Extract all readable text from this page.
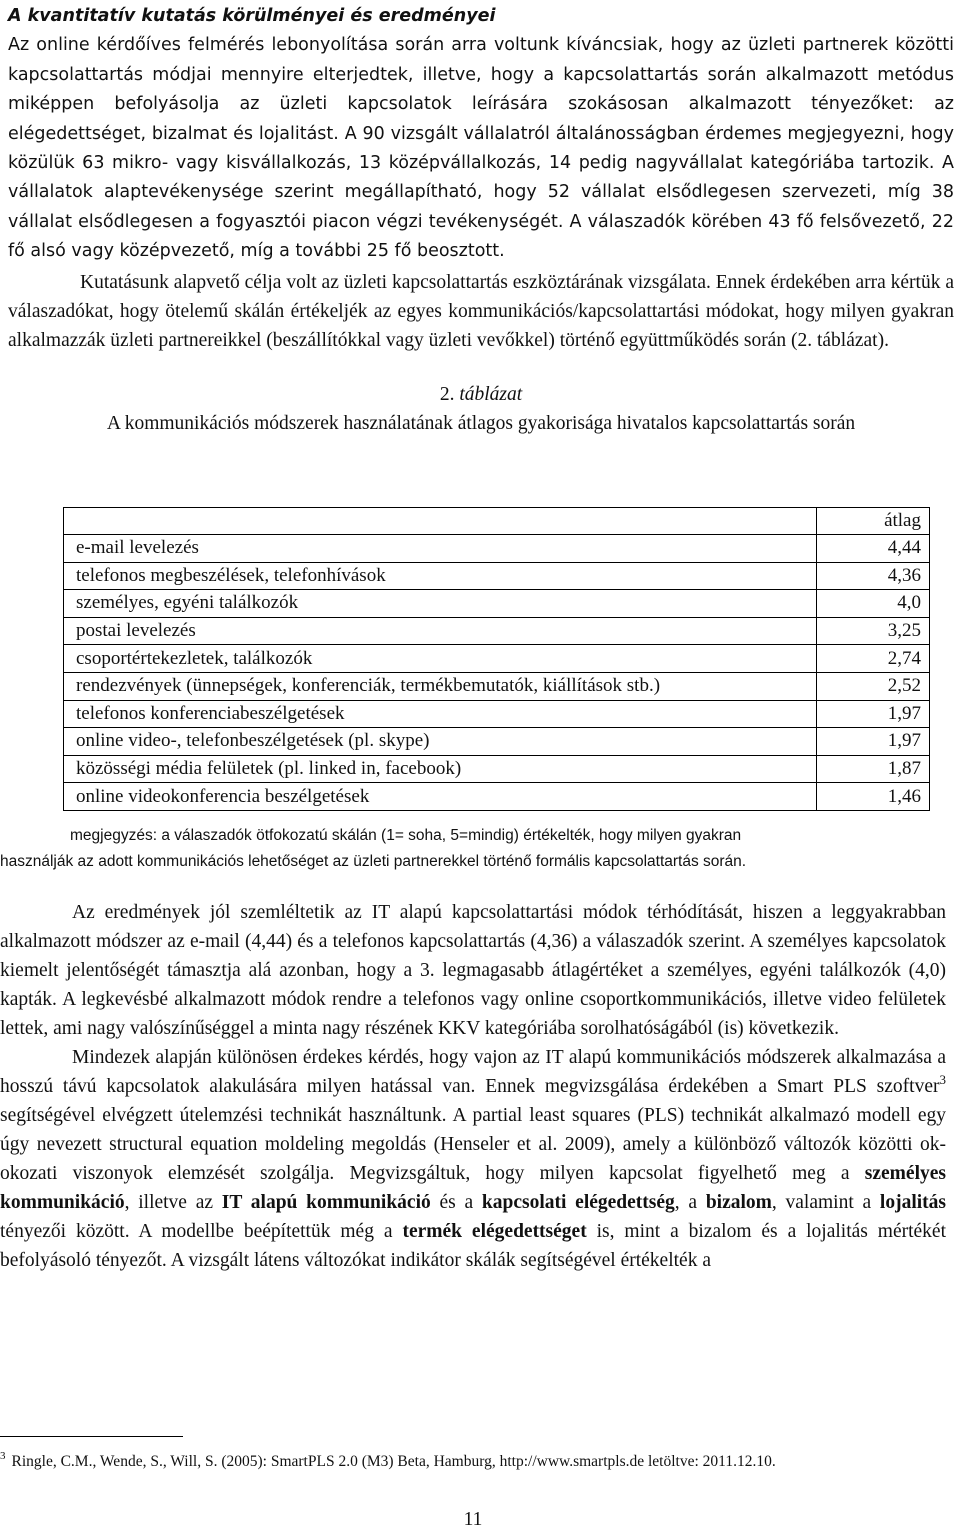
A kvantitatív kutatás körülményei és eredményei

Az online kérdőíves felmérés lebonyolítása során arra voltunk kíváncsiak, hogy az üzleti partnerek közötti kapcsolattartás módjai mennyire elterjedtek, illetve, hogy a kapcsolattartás során alkalmazott metódus miképpen befolyásolja az üzleti kapcsolatok leírására szokásosan alkalmazott tényezőket: az elégedettséget, bizalmat és lojalitást. A 90 vizsgált vállalatról általánosságban érdemes megjegyezni, hogy közülük 63 mikro- vagy kisvállalkozás, 13 középvállalkozás, 14 pedig nagyvállalat kategóriába tartozik. A vállalatok alaptevékenysége szerint megállapítható, hogy 52 vállalat elsődlegesen szervezeti, míg 38 vállalat elsődlegesen a fogyasztói piacon végzi tevékenységét. A válaszadók körében 43 fő felsővezető, 22 fő alsó vagy középvezető, míg a további 25 fő beosztott.

Kutatásunk alapvető célja volt az üzleti kapcsolattartás eszköztárának vizsgálata. Ennek érdekében arra kértük a válaszadókat, hogy ötelemű skálán értékeljék az egyes kommunikációs/kapcsolattartási módokat, hogy milyen gyakran alkalmazzák üzleti partnereikkel (beszállítókkal vagy üzleti vevőkkel) történő együttműködés során (2. táblázat).

2. táblázat

A kommunikációs módszerek használatának átlagos gyakorisága hivatalos kapcsolattartás során

	átlag
e-mail levelezés	4,44
telefonos megbeszélések, telefonhívások	4,36
személyes, egyéni találkozók	4,0
postai levelezés	3,25
csoportértekezletek, találkozók	2,74
rendezvények (ünnepségek, konferenciák, termékbemutatók, kiállítások stb.)	2,52
telefonos konferenciabeszélgetések	1,97
online video-, telefonbeszélgetések (pl. skype)	1,97
közösségi média felületek (pl. linked in, facebook)	1,87
online videokonferencia beszélgetések	1,46
megjegyzés: a válaszadók ötfokozatú skálán (1= soha, 5=mindig) értékelték, hogy milyen gyakran
használják az adott kommunikációs lehetőséget az üzleti partnerekkel történő formális kapcsolattartás során.

Az eredmények jól szemléltetik az IT alapú kapcsolattartási módok térhódítását, hiszen a leggyakrabban alkalmazott módszer az e-mail (4,44) és a telefonos kapcsolattartás (4,36) a válaszadók szerint. A személyes kapcsolatok kiemelt jelentőségét támasztja alá azonban, hogy a 3. legmagasabb átlagértéket a személyes, egyéni találkozók (4,0) kapták. A legkevésbé alkalmazott módok rendre a telefonos vagy online csoportkommunikációs, illetve video felületek lettek, ami nagy valószínűséggel a minta nagy részének KKV kategóriába sorolhatóságából (is) következik.

Mindezek alapján különösen érdekes kérdés, hogy vajon az IT alapú kommunikációs módszerek alkalmazása a hosszú távú kapcsolatok alakulására milyen hatással van. Ennek megvizsgálása érdekében a Smart PLS szoftver$^3$ segítségével elvégzett útelemzési technikát használtunk. A partial least squares (PLS) technikát alkalmazó modell egy úgy nevezett structural equation moldeling megoldás (Henseler et al. 2009), amely a különböző változók közötti ok-okozati viszonyok elemzését szolgálja. Megvizsgáltuk, hogy milyen kapcsolat figyelhető meg a személyes kommunikáció, illetve az IT alapú kommunikáció és a kapcsolati elégedettség, a bizalom, valamint a lojalitás tényezői között. A modellbe beépítettük még a termék elégedettséget is, mint a bizalom és a lojalitás mértékét befolyásoló tényezőt. A vizsgált látens változókat indikátor skálák segítségével értékelték a

$^3$ Ringle, C.M., Wende, S., Will, S. (2005): SmartPLS 2.0 (M3) Beta, Hamburg, http://www.smartpls.de letöltve: 2011.12.10.
11
